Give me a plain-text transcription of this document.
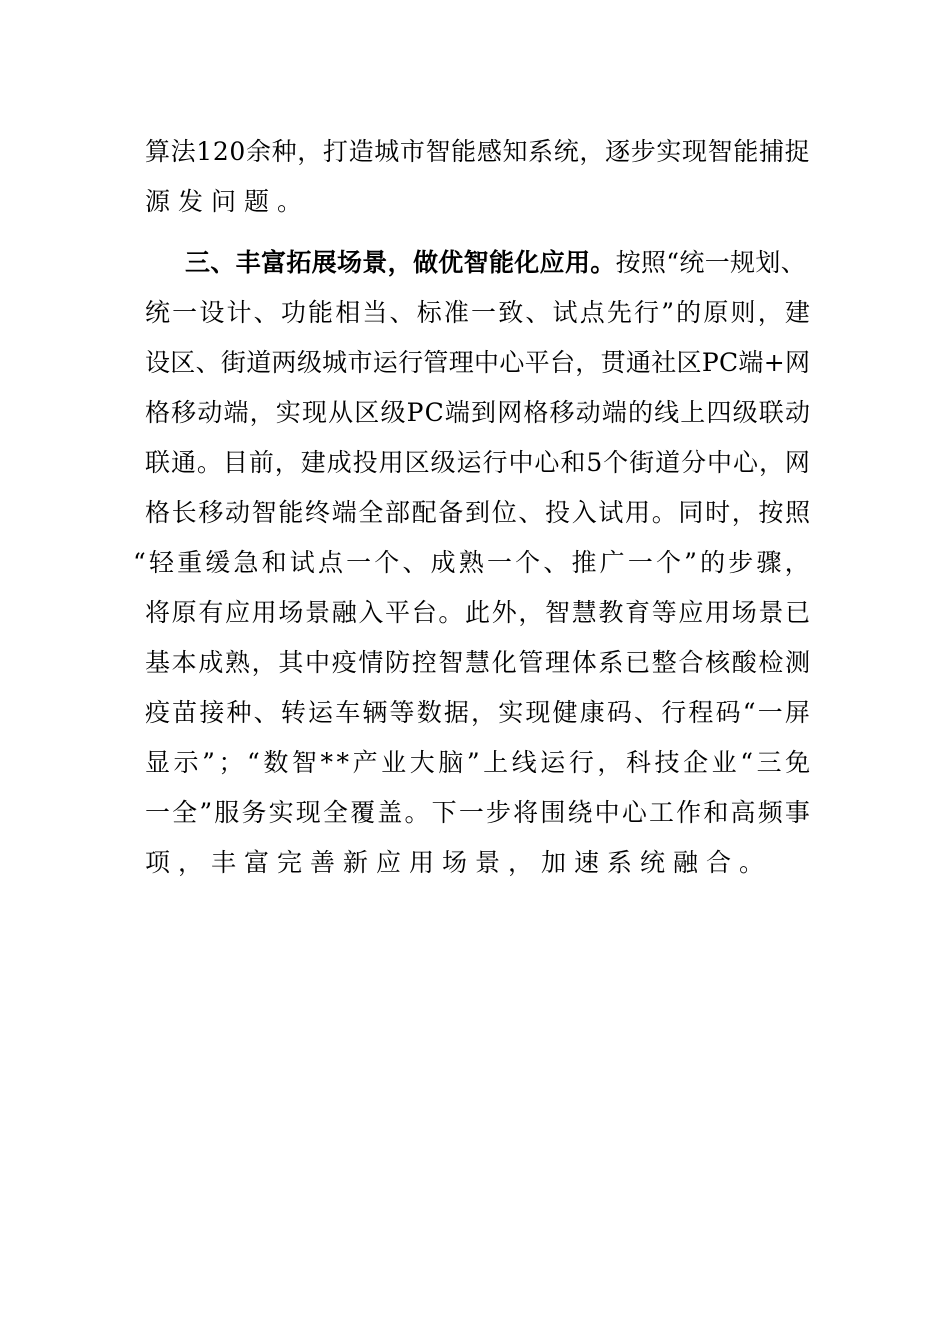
算法120余种，打造城市智能感知系统，逐步实现智能捕捉
源发问题。
三、丰富拓展场景，做优智能化应用。按照“统一规划、
统一设计、功能相当、标准一致、试点先行”的原则，建
设区、街道两级城市运行管理中心平台，贯通社区PC端+网
格移动端，实现从区级PC端到网格移动端的线上四级联动
联通。目前，建成投用区级运行中心和5个街道分中心，网
格长移动智能终端全部配备到位、投入试用。同时，按照
“轻重缓急和试点一个、成熟一个、推广一个”的步骤，
将原有应用场景融入平台。此外，智慧教育等应用场景已
基本成熟，其中疫情防控智慧化管理体系已整合核酸检测
疫苗接种、转运车辆等数据，实现健康码、行程码“一屏
显示”；“数智**产业大脑”上线运行，科技企业“三免
一全”服务实现全覆盖。下一步将围绕中心工作和高频事
项，丰富完善新应用场景，加速系统融合。
